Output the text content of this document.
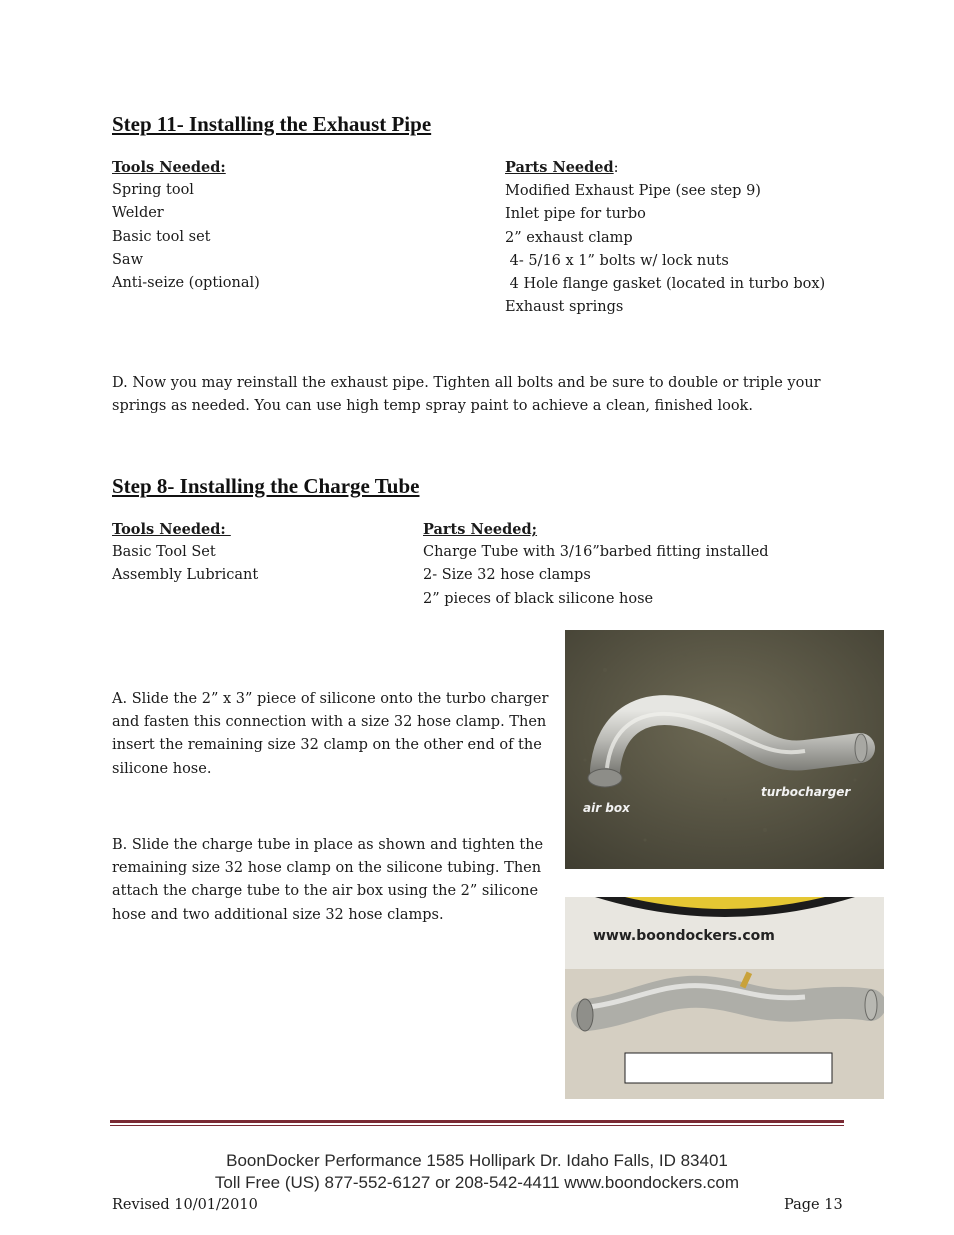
Step 11- Installing the Exhaust Pipe
Tools Needed:
Spring tool
Welder
Basic tool set
Saw
Anti-seize (optional)
Parts Needed:
Modified Exhaust Pipe (see step 9)
Inlet pipe for turbo
2” exhaust clamp
4- 5/16 x 1” bolts w/ lock nuts
4 Hole flange gasket (located in turbo box)
Exhaust springs

D. Now you may reinstall the exhaust pipe. Tighten all bolts and be sure to double or triple your springs as needed. You can use high temp spray paint to achieve a clean, finished look.

Step 8- Installing the Charge Tube
Tools Needed:
Basic Tool Set
Assembly Lubricant
Parts Needed;
Charge Tube with 3/16”barbed fitting installed
2- Size 32 hose clamps
2” pieces of black silicone hose

A. Slide the 2” x 3” piece of silicone onto the turbo charger and fasten this connection with a size 32 hose clamp. Then insert the remaining size 32 clamp on the other end of the silicone hose.

B. Slide the charge tube in place as shown and tighten the remaining size 32 hose clamp on the silicone tubing. Then attach the charge tube to the air box using the 2” silicone hose and two additional size 32 hose clamps.

air box
turbocharger
www.boondockers.com
BoonDocker Performance 1585 Hollipark Dr. Idaho Falls, ID 83401
Toll Free (US) 877-552-6127 or 208-542-4411 www.boondockers.com
Revised 10/01/2010	Page 13
